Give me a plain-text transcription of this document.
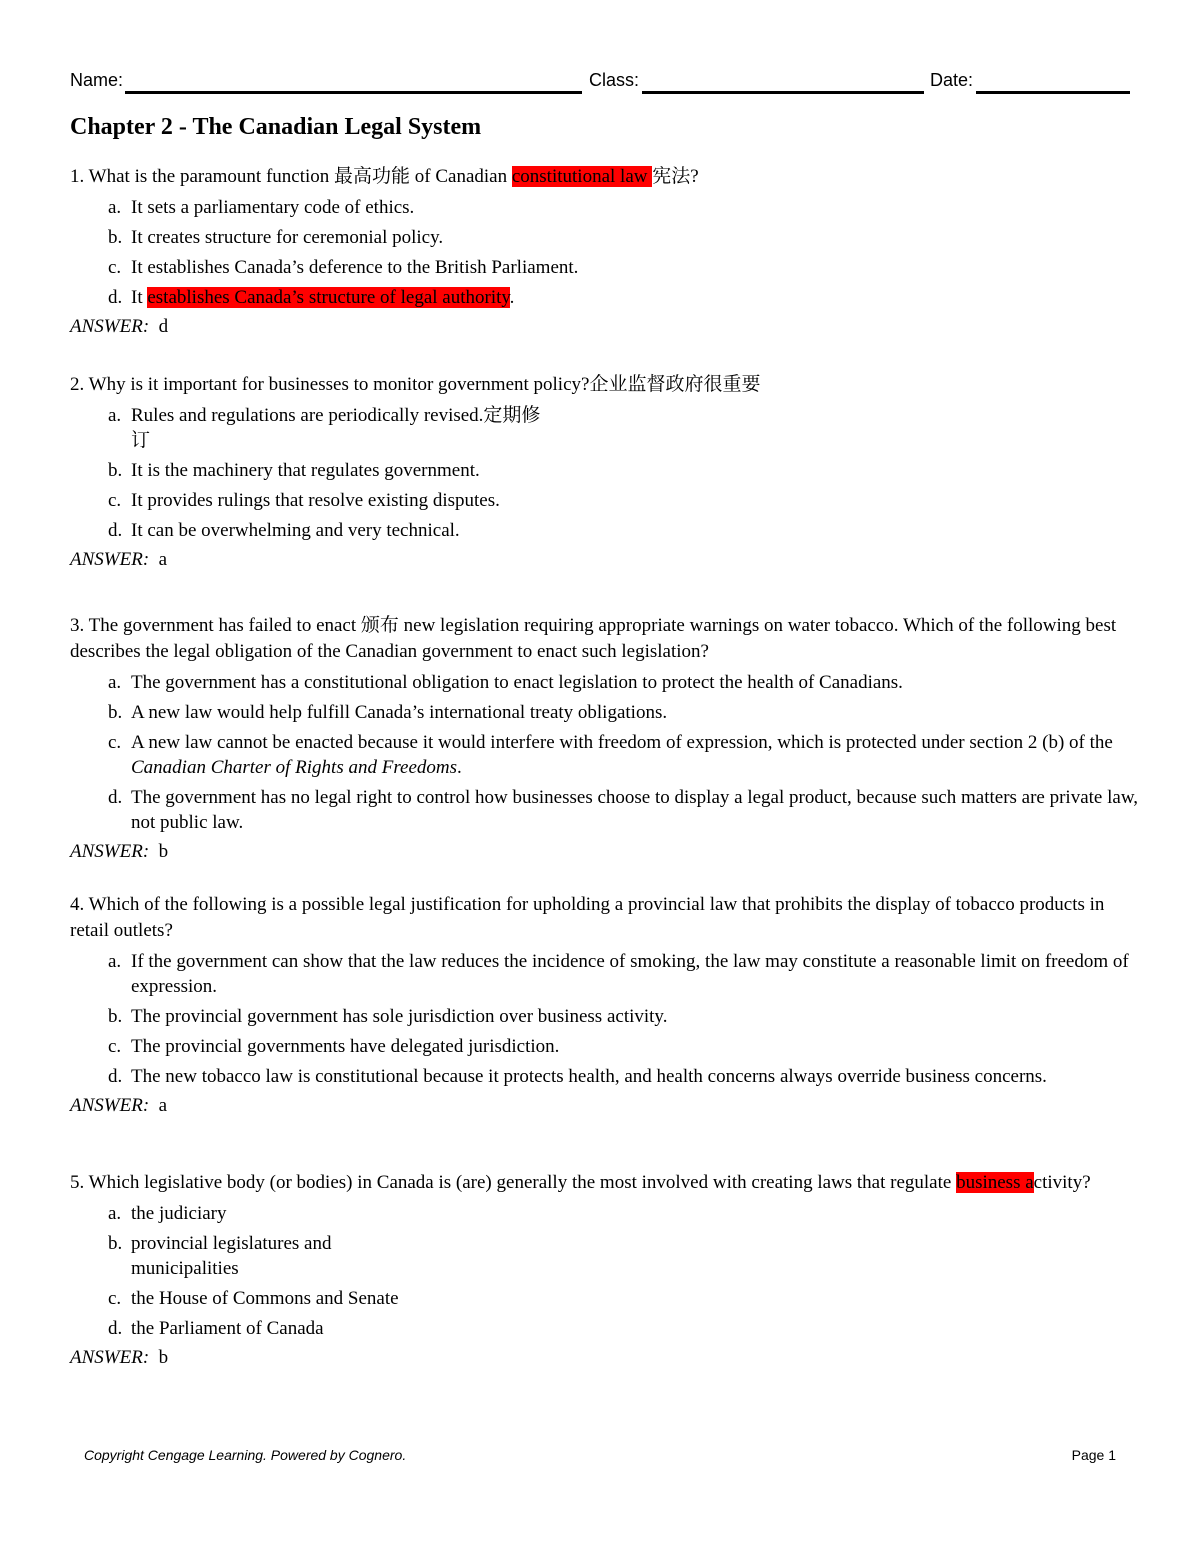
Name:	Class:	Date:
Chapter 2 - The Canadian Legal System

1. What is the paramount function 最高功能 of Canadian constitutional law 宪法?

a. It sets a parliamentary code of ethics.
b. It creates structure for ceremonial policy.
c. It establishes Canada’s deference to the British Parliament.
d. It establishes Canada’s structure of legal authority.
ANSWER: d

2. Why is it important for businesses to monitor government policy?企业监督政府很重要

a. Rules and regulations are periodically revised.定期修
订
b. It is the machinery that regulates government.
c. It provides rulings that resolve existing disputes.
d. It can be overwhelming and very technical.
ANSWER: a

3. The government has failed to enact 颁布 new legislation requiring appropriate warnings on water tobacco. Which of the following best describes the legal obligation of the Canadian government to enact such legislation?

a. The government has a constitutional obligation to enact legislation to protect the health of Canadians.
b. A new law would help fulfill Canada’s international treaty obligations.
c. A new law cannot be enacted because it would interfere with freedom of expression, which is protected under section 2 (b) of the Canadian Charter of Rights and Freedoms.
d. The government has no legal right to control how businesses choose to display a legal product, because such matters are private law, not public law.
ANSWER: b

4. Which of the following is a possible legal justification for upholding a provincial law that prohibits the display of tobacco products in retail outlets?

a. If the government can show that the law reduces the incidence of smoking, the law may constitute a reasonable limit on freedom of expression.
b. The provincial government has sole jurisdiction over business activity.
c. The provincial governments have delegated jurisdiction.
d. The new tobacco law is constitutional because it protects health, and health concerns always override business concerns.
ANSWER: a

5. Which legislative body (or bodies) in Canada is (are) generally the most involved with creating laws that regulate business activity?

a. the judiciary
b. provincial legislatures and
municipalities
c. the House of Commons and Senate
d. the Parliament of Canada
ANSWER: b
Copyright Cengage Learning. Powered by Cognero.	Page 1
